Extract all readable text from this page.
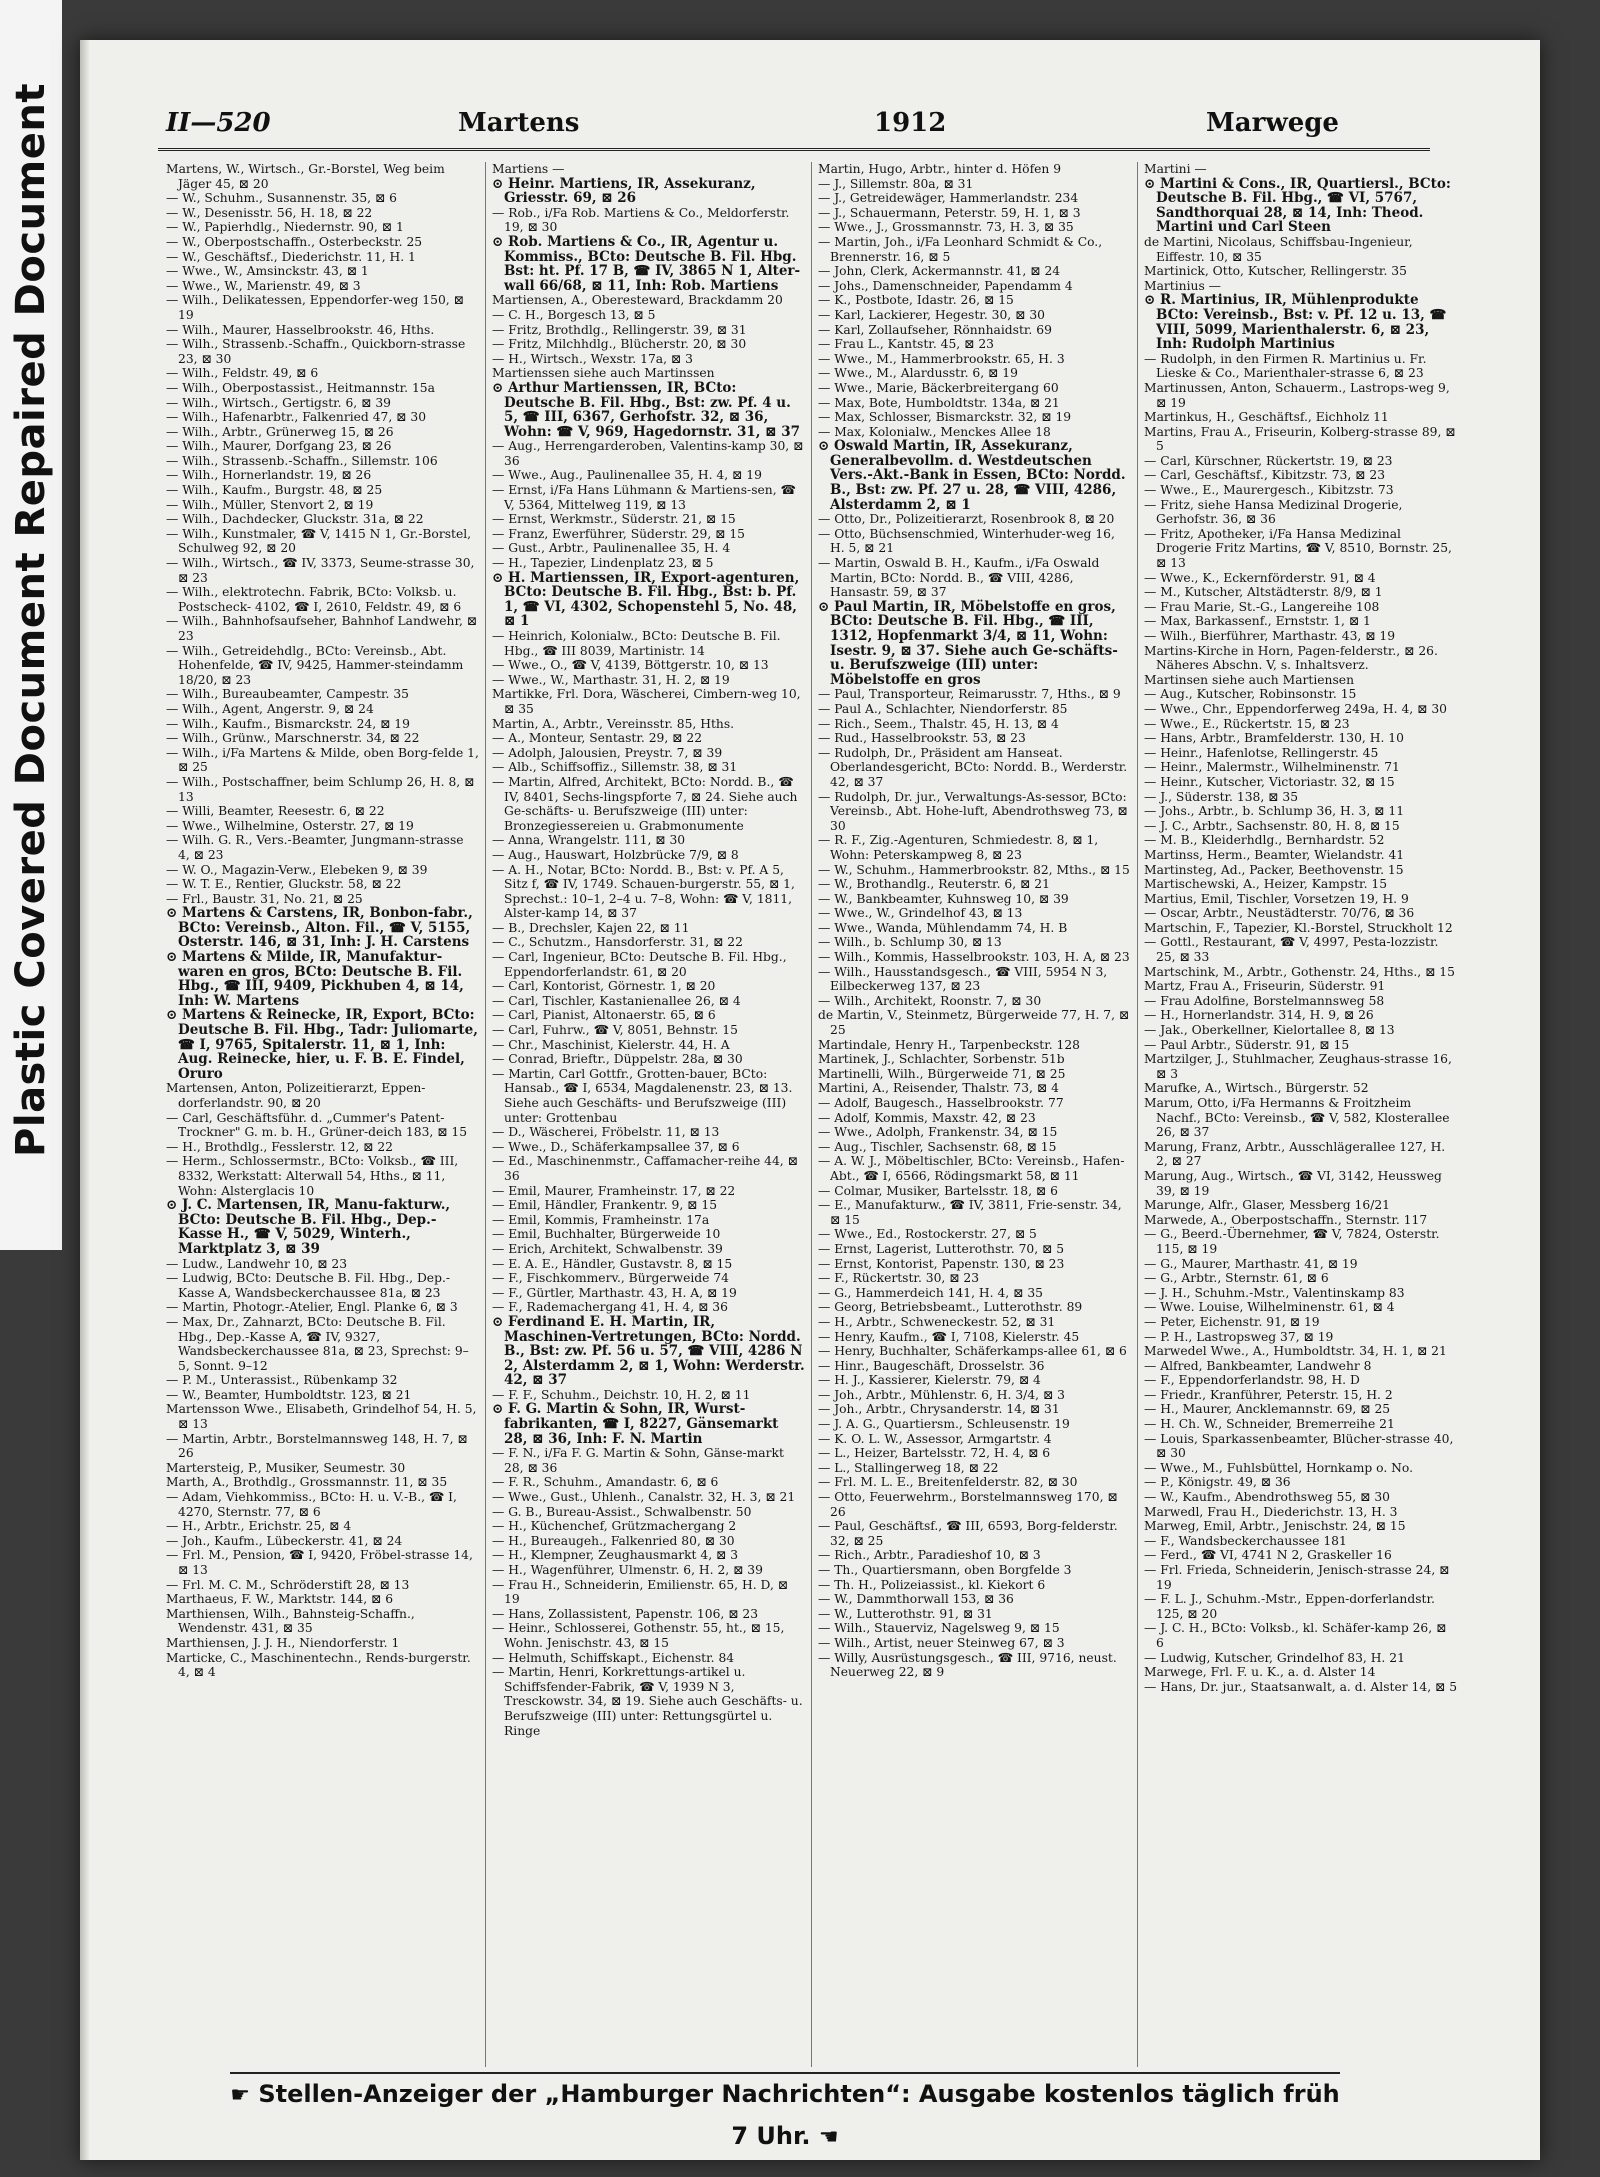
Plastic Covered Document Repaired Document	II—520	Martens	1912	Marwege

Martens, W., Wirtsch., Gr.-Borstel, Weg beim Jäger 45, ⊠ 20

— W., Schuhm., Susannenstr. 35, ⊠ 6

— W., Desenisstr. 56, H. 18, ⊠ 22

— W., Papierhdlg., Niedernstr. 90, ⊠ 1

— W., Oberpostschaffn., Osterbeckstr. 25

— W., Geschäftsf., Diederichstr. 11, H. 1

— Wwe., W., Amsinckstr. 43, ⊠ 1

— Wwe., W., Marienstr. 49, ⊠ 3

— Wilh., Delikatessen, Eppendorfer-weg 150, ⊠ 19

— Wilh., Maurer, Hasselbrookstr. 46, Hths.

— Wilh., Strassenb.-Schaffn., Quickborn-strasse 23, ⊠ 30

— Wilh., Feldstr. 49, ⊠ 6

— Wilh., Oberpostassist., Heitmannstr. 15a

— Wilh., Wirtsch., Gertigstr. 6, ⊠ 39

— Wilh., Hafenarbtr., Falkenried 47, ⊠ 30

— Wilh., Arbtr., Grünerweg 15, ⊠ 26

— Wilh., Maurer, Dorfgang 23, ⊠ 26

— Wilh., Strassenb.-Schaffn., Sillemstr. 106

— Wilh., Hornerlandstr. 19, ⊠ 26

— Wilh., Kaufm., Burgstr. 48, ⊠ 25

— Wilh., Müller, Stenvort 2, ⊠ 19

— Wilh., Dachdecker, Gluckstr. 31a, ⊠ 22

— Wilh., Kunstmaler, ☎ V, 1415 N 1, Gr.-Borstel, Schulweg 92, ⊠ 20

— Wilh., Wirtsch., ☎ IV, 3373, Seume-strasse 30, ⊠ 23

— Wilh., elektrotechn. Fabrik, BCto: Volksb. u. Postscheck- 4102, ☎ I, 2610, Feldstr. 49, ⊠ 6

— Wilh., Bahnhofsaufseher, Bahnhof Landwehr, ⊠ 23

— Wilh., Getreidehdlg., BCto: Vereinsb., Abt. Hohenfelde, ☎ IV, 9425, Hammer-steindamm 18/20, ⊠ 23

— Wilh., Bureaubeamter, Campestr. 35

— Wilh., Agent, Angerstr. 9, ⊠ 24

— Wilh., Kaufm., Bismarckstr. 24, ⊠ 19

— Wilh., Grünw., Marschnerstr. 34, ⊠ 22

— Wilh., i/Fa Martens & Milde, oben Borg-felde 1, ⊠ 25

— Wilh., Postschaffner, beim Schlump 26, H. 8, ⊠ 13

— Willi, Beamter, Reesestr. 6, ⊠ 22

— Wwe., Wilhelmine, Osterstr. 27, ⊠ 19

— Wilh. G. R., Vers.-Beamter, Jungmann-strasse 4, ⊠ 23

— W. O., Magazin-Verw., Elebeken 9, ⊠ 39

— W. T. E., Rentier, Gluckstr. 58, ⊠ 22

— Frl., Baustr. 31, No. 21, ⊠ 25

⊙ Martens & Carstens, IR, Bonbon-fabr., BCto: Vereinsb., Alton. Fil., ☎ V, 5155, Osterstr. 146, ⊠ 31, Inh: J. H. Carstens

⊙ Martens & Milde, IR, Manufaktur-waren en gros, BCto: Deutsche B. Fil. Hbg., ☎ III, 9409, Pickhuben 4, ⊠ 14, Inh: W. Martens

⊙ Martens & Reinecke, IR, Export, BCto: Deutsche B. Fil. Hbg., Tadr: Juliomarte, ☎ I, 9765, Spitalerstr. 11, ⊠ 1, Inh: Aug. Reinecke, hier, u. F. B. E. Findel, Oruro

Martensen, Anton, Polizeitierarzt, Eppen-dorferlandstr. 90, ⊠ 20

— Carl, Geschäftsführ. d. „Cummer's Patent-Trockner" G. m. b. H., Grüner-deich 183, ⊠ 15

— H., Brothdlg., Fesslerstr. 12, ⊠ 22

— Herm., Schlossermstr., BCto: Volksb., ☎ III, 8332, Werkstatt: Alterwall 54, Hths., ⊠ 11, Wohn: Alsterglacis 10

⊙ J. C. Martensen, IR, Manu-fakturw., BCto: Deutsche B. Fil. Hbg., Dep.-Kasse H., ☎ V, 5029, Winterh., Marktplatz 3, ⊠ 39

— Ludw., Landwehr 10, ⊠ 23

— Ludwig, BCto: Deutsche B. Fil. Hbg., Dep.-Kasse A, Wandsbeckerchaussee 81a, ⊠ 23

— Martin, Photogr.-Atelier, Engl. Planke 6, ⊠ 3

— Max, Dr., Zahnarzt, BCto: Deutsche B. Fil. Hbg., Dep.-Kasse A, ☎ IV, 9327, Wandsbeckerchaussee 81a, ⊠ 23, Sprechst: 9–5, Sonnt. 9–12

— P. M., Unterassist., Rübenkamp 32

— W., Beamter, Humboldtstr. 123, ⊠ 21

Martensson Wwe., Elisabeth, Grindelhof 54, H. 5, ⊠ 13

— Martin, Arbtr., Borstelmannsweg 148, H. 7, ⊠ 26

Martersteig, P., Musiker, Seumestr. 30

Marth, A., Brothdlg., Grossmannstr. 11, ⊠ 35

— Adam, Viehkommiss., BCto: H. u. V.-B., ☎ I, 4270, Sternstr. 77, ⊠ 6

— H., Arbtr., Erichstr. 25, ⊠ 4

— Joh., Kaufm., Lübeckerstr. 41, ⊠ 24

— Frl. M., Pension, ☎ I, 9420, Fröbel-strasse 14, ⊠ 13

— Frl. M. C. M., Schröderstift 28, ⊠ 13

Marthaeus, F. W., Marktstr. 144, ⊠ 6

Marthiensen, Wilh., Bahnsteig-Schaffn., Wendenstr. 431, ⊠ 35

Marthiensen, J. J. H., Niendorferstr. 1

Marticke, C., Maschinentechn., Rends-burgerstr. 4, ⊠ 4

Martiens —

⊙ Heinr. Martiens, IR, Assekuranz, Griesstr. 69, ⊠ 26

— Rob., i/Fa Rob. Martiens & Co., Meldorferstr. 19, ⊠ 30

⊙ Rob. Martiens & Co., IR, Agentur u. Kommiss., BCto: Deutsche B. Fil. Hbg. Bst: ht. Pf. 17 B, ☎ IV, 3865 N 1, Alter-wall 66/68, ⊠ 11, Inh: Rob. Martiens

Martiensen, A., Oberesteward, Brackdamm 20

— C. H., Borgesch 13, ⊠ 5

— Fritz, Brothdlg., Rellingerstr. 39, ⊠ 31

— Fritz, Milchhdlg., Blücherstr. 20, ⊠ 30

— H., Wirtsch., Wexstr. 17a, ⊠ 3

Martienssen siehe auch Martinssen

⊙ Arthur Martienssen, IR, BCto: Deutsche B. Fil. Hbg., Bst: zw. Pf. 4 u. 5, ☎ III, 6367, Gerhofstr. 32, ⊠ 36, Wohn: ☎ V, 969, Hagedornstr. 31, ⊠ 37

— Aug., Herrengarderoben, Valentins-kamp 30, ⊠ 36

— Wwe., Aug., Paulinenallee 35, H. 4, ⊠ 19

— Ernst, i/Fa Hans Lühmann & Martiens-sen, ☎ V, 5364, Mittelweg 119, ⊠ 13

— Ernst, Werkmstr., Süderstr. 21, ⊠ 15

— Franz, Ewerführer, Süderstr. 29, ⊠ 15

— Gust., Arbtr., Paulinenallee 35, H. 4

— H., Tapezier, Lindenplatz 23, ⊠ 5

⊙ H. Martienssen, IR, Export-agenturen, BCto: Deutsche B. Fil. Hbg., Bst: b. Pf. 1, ☎ VI, 4302, Schopenstehl 5, No. 48, ⊠ 1

— Heinrich, Kolonialw., BCto: Deutsche B. Fil. Hbg., ☎ III 8039, Martinistr. 14

— Wwe., O., ☎ V, 4139, Böttgerstr. 10, ⊠ 13

— Wwe., W., Marthastr. 31, H. 2, ⊠ 19

Martikke, Frl. Dora, Wäscherei, Cimbern-weg 10, ⊠ 35

Martin, A., Arbtr., Vereinsstr. 85, Hths.

— A., Monteur, Sentastr. 29, ⊠ 22

— Adolph, Jalousien, Preystr. 7, ⊠ 39

— Alb., Schiffsoffiz., Sillemstr. 38, ⊠ 31

— Martin, Alfred, Architekt, BCto: Nordd. B., ☎ IV, 8401, Sechs-lingspforte 7, ⊠ 24. Siehe auch Ge-schäfts- u. Berufszweige (III) unter: Bronzegiessereien u. Grabmonumente

— Anna, Wrangelstr. 111, ⊠ 30

— Aug., Hauswart, Holzbrücke 7/9, ⊠ 8

— A. H., Notar, BCto: Nordd. B., Bst: v. Pf. A 5, Sitz f, ☎ IV, 1749. Schauen-burgerstr. 55, ⊠ 1, Sprechst.: 10–1, 2–4 u. 7–8, Wohn: ☎ V, 1811, Alster-kamp 14, ⊠ 37

— B., Drechsler, Kajen 22, ⊠ 11

— C., Schutzm., Hansdorferstr. 31, ⊠ 22

— Carl, Ingenieur, BCto: Deutsche B. Fil. Hbg., Eppendorferlandstr. 61, ⊠ 20

— Carl, Kontorist, Görnestr. 1, ⊠ 20

— Carl, Tischler, Kastanienallee 26, ⊠ 4

— Carl, Pianist, Altonaerstr. 65, ⊠ 6

— Carl, Fuhrw., ☎ V, 8051, Behnstr. 15

— Chr., Maschinist, Kielerstr. 44, H. A

— Conrad, Brieftr., Düppelstr. 28a, ⊠ 30

— Martin, Carl Gottfr., Grotten-bauer, BCto: Hansab., ☎ I, 6534, Magdalenenstr. 23, ⊠ 13. Siehe auch Geschäfts- und Berufszweige (III) unter: Grottenbau

— D., Wäscherei, Fröbelstr. 11, ⊠ 13

— Wwe., D., Schäferkampsallee 37, ⊠ 6

— Ed., Maschinenmstr., Caffamacher-reihe 44, ⊠ 36

— Emil, Maurer, Framheinstr. 17, ⊠ 22

— Emil, Händler, Frankentr. 9, ⊠ 15

— Emil, Kommis, Framheinstr. 17a

— Emil, Buchhalter, Bürgerweide 10

— Erich, Architekt, Schwalbenstr. 39

— E. A. E., Händler, Gustavstr. 8, ⊠ 15

— F., Fischkommerv., Bürgerweide 74

— F., Gürtler, Marthastr. 43, H. A, ⊠ 19

— F., Rademachergang 41, H. 4, ⊠ 36

⊙ Ferdinand E. H. Martin, IR, Maschinen-Vertretungen, BCto: Nordd. B., Bst: zw. Pf. 56 u. 57, ☎ VIII, 4286 N 2, Alsterdamm 2, ⊠ 1, Wohn: Werderstr. 42, ⊠ 37

— F. F., Schuhm., Deichstr. 10, H. 2, ⊠ 11

⊙ F. G. Martin & Sohn, IR, Wurst-fabrikanten, ☎ I, 8227, Gänsemarkt 28, ⊠ 36, Inh: F. N. Martin

— F. N., i/Fa F. G. Martin & Sohn, Gänse-markt 28, ⊠ 36

— F. R., Schuhm., Amandastr. 6, ⊠ 6

— Wwe., Gust., Uhlenh., Canalstr. 32, H. 3, ⊠ 21

— G. B., Bureau-Assist., Schwalbenstr. 50

— H., Küchenchef, Grützmachergang 2

— H., Bureaugeh., Falkenried 80, ⊠ 30

— H., Klempner, Zeughausmarkt 4, ⊠ 3

— H., Wagenführer, Ulmenstr. 6, H. 2, ⊠ 39

— Frau H., Schneiderin, Emilienstr. 65, H. D, ⊠ 19

— Hans, Zollassistent, Papenstr. 106, ⊠ 23

— Heinr., Schlosserei, Gothenstr. 55, ht., ⊠ 15, Wohn. Jenischstr. 43, ⊠ 15

— Helmuth, Schiffskapt., Eichenstr. 84

— Martin, Henri, Korkrettungs-artikel u. Schiffsfender-Fabrik, ☎ V, 1939 N 3, Tresckowstr. 34, ⊠ 19. Siehe auch Geschäfts- u. Berufszweige (III) unter: Rettungsgürtel u. Ringe

Martin, Hugo, Arbtr., hinter d. Höfen 9

— J., Sillemstr. 80a, ⊠ 31

— J., Getreidewäger, Hammerlandstr. 234

— J., Schauermann, Peterstr. 59, H. 1, ⊠ 3

— Wwe., J., Grossmannstr. 73, H. 3, ⊠ 35

— Martin, Joh., i/Fa Leonhard Schmidt & Co., Brennerstr. 16, ⊠ 5

— John, Clerk, Ackermannstr. 41, ⊠ 24

— Johs., Damenschneider, Papendamm 4

— K., Postbote, Idastr. 26, ⊠ 15

— Karl, Lackierer, Hegestr. 30, ⊠ 30

— Karl, Zollaufseher, Rönnhaidstr. 69

— Frau L., Kantstr. 45, ⊠ 23

— Wwe., M., Hammerbrookstr. 65, H. 3

— Wwe., M., Alardusstr. 6, ⊠ 19

— Wwe., Marie, Bäckerbreitergang 60

— Max, Bote, Humboldtstr. 134a, ⊠ 21

— Max, Schlosser, Bismarckstr. 32, ⊠ 19

— Max, Kolonialw., Menckes Allee 18

⊙ Oswald Martin, IR, Assekuranz, Generalbevollm. d. Westdeutschen Vers.-Akt.-Bank in Essen, BCto: Nordd. B., Bst: zw. Pf. 27 u. 28, ☎ VIII, 4286, Alsterdamm 2, ⊠ 1

— Otto, Dr., Polizeitierarzt, Rosenbrook 8, ⊠ 20

— Otto, Büchsenschmied, Winterhuder-weg 16, H. 5, ⊠ 21

— Martin, Oswald B. H., Kaufm., i/Fa Oswald Martin, BCto: Nordd. B., ☎ VIII, 4286, Hansastr. 59, ⊠ 37

⊙ Paul Martin, IR, Möbelstoffe en gros, BCto: Deutsche B. Fil. Hbg., ☎ III, 1312, Hopfenmarkt 3/4, ⊠ 11, Wohn: Isestr. 9, ⊠ 37. Siehe auch Ge-schäfts- u. Berufszweige (III) unter: Möbelstoffe en gros

— Paul, Transporteur, Reimarusstr. 7, Hths., ⊠ 9

— Paul A., Schlachter, Niendorferstr. 85

— Rich., Seem., Thalstr. 45, H. 13, ⊠ 4

— Rud., Hasselbrookstr. 53, ⊠ 23

— Rudolph, Dr., Präsident am Hanseat. Oberlandesgericht, BCto: Nordd. B., Werderstr. 42, ⊠ 37

— Rudolph, Dr. jur., Verwaltungs-As-sessor, BCto: Vereinsb., Abt. Hohe-luft, Abendrothsweg 73, ⊠ 30

— R. F., Zig.-Agenturen, Schmiedestr. 8, ⊠ 1, Wohn: Peterskampweg 8, ⊠ 23

— W., Schuhm., Hammerbrookstr. 82, Mths., ⊠ 15

— W., Brothandlg., Reuterstr. 6, ⊠ 21

— W., Bankbeamter, Kuhnsweg 10, ⊠ 39

— Wwe., W., Grindelhof 43, ⊠ 13

— Wwe., Wanda, Mühlendamm 74, H. B

— Wilh., b. Schlump 30, ⊠ 13

— Wilh., Kommis, Hasselbrookstr. 103, H. A, ⊠ 23

— Wilh., Hausstandsgesch., ☎ VIII, 5954 N 3, Eilbeckerweg 137, ⊠ 23

— Wilh., Architekt, Roonstr. 7, ⊠ 30

de Martin, V., Steinmetz, Bürgerweide 77, H. 7, ⊠ 25

Martindale, Henry H., Tarpenbeckstr. 128

Martinek, J., Schlachter, Sorbenstr. 51b

Martinelli, Wilh., Bürgerweide 71, ⊠ 25

Martini, A., Reisender, Thalstr. 73, ⊠ 4

— Adolf, Baugesch., Hasselbrookstr. 77

— Adolf, Kommis, Maxstr. 42, ⊠ 23

— Wwe., Adolph, Frankenstr. 34, ⊠ 15

— Aug., Tischler, Sachsenstr. 68, ⊠ 15

— A. W. J., Möbeltischler, BCto: Vereinsb., Hafen-Abt., ☎ I, 6566, Rödingsmarkt 58, ⊠ 11

— Colmar, Musiker, Bartelsstr. 18, ⊠ 6

— E., Manufakturw., ☎ IV, 3811, Frie-senstr. 34, ⊠ 15

— Wwe., Ed., Rostockerstr. 27, ⊠ 5

— Ernst, Lagerist, Lutterothstr. 70, ⊠ 5

— Ernst, Kontorist, Papenstr. 130, ⊠ 23

— F., Rückertstr. 30, ⊠ 23

— G., Hammerdeich 141, H. 4, ⊠ 35

— Georg, Betriebsbeamt., Lutterothstr. 89

— H., Arbtr., Schweneckestr. 52, ⊠ 31

— Henry, Kaufm., ☎ I, 7108, Kielerstr. 45

— Henry, Buchhalter, Schäferkamps-allee 61, ⊠ 6

— Hinr., Baugeschäft, Drosselstr. 36

— H. J., Kassierer, Kielerstr. 79, ⊠ 4

— Joh., Arbtr., Mühlenstr. 6, H. 3/4, ⊠ 3

— Joh., Arbtr., Chrysanderstr. 14, ⊠ 31

— J. A. G., Quartiersm., Schleusenstr. 19

— K. O. L. W., Assessor, Armgartstr. 4

— L., Heizer, Bartelsstr. 72, H. 4, ⊠ 6

— L., Stallingerweg 18, ⊠ 22

— Frl. M. L. E., Breitenfelderstr. 82, ⊠ 30

— Otto, Feuerwehrm., Borstelmannsweg 170, ⊠ 26

— Paul, Geschäftsf., ☎ III, 6593, Borg-felderstr. 32, ⊠ 25

— Rich., Arbtr., Paradieshof 10, ⊠ 3

— Th., Quartiersmann, oben Borgfelde 3

— Th. H., Polizeiassist., kl. Kiekort 6

— W., Dammthorwall 153, ⊠ 36

— W., Lutterothstr. 91, ⊠ 31

— Wilh., Stauerviz, Nagelsweg 9, ⊠ 15

— Wilh., Artist, neuer Steinweg 67, ⊠ 3

— Willy, Ausrüstungsgesch., ☎ III, 9716, neust. Neuerweg 22, ⊠ 9

Martini —

⊙ Martini & Cons., IR, Quartiersl., BCto: Deutsche B. Fil. Hbg., ☎ VI, 5767, Sandthorquai 28, ⊠ 14, Inh: Theod. Martini und Carl Steen

de Martini, Nicolaus, Schiffsbau-Ingenieur, Eiffestr. 10, ⊠ 35

Martinick, Otto, Kutscher, Rellingerstr. 35

Martinius —

⊙ R. Martinius, IR, Mühlenprodukte BCto: Vereinsb., Bst: v. Pf. 12 u. 13, ☎ VIII, 5099, Marienthalerstr. 6, ⊠ 23, Inh: Rudolph Martinius

— Rudolph, in den Firmen R. Martinius u. Fr. Lieske & Co., Marienthaler-strasse 6, ⊠ 23

Martinussen, Anton, Schauerm., Lastrops-weg 9, ⊠ 19

Martinkus, H., Geschäftsf., Eichholz 11

Martins, Frau A., Friseurin, Kolberg-strasse 89, ⊠ 5

— Carl, Kürschner, Rückertstr. 19, ⊠ 23

— Carl, Geschäftsf., Kibitzstr. 73, ⊠ 23

— Wwe., E., Maurergesch., Kibitzstr. 73

— Fritz, siehe Hansa Medizinal Drogerie, Gerhofstr. 36, ⊠ 36

— Fritz, Apotheker, i/Fa Hansa Medizinal Drogerie Fritz Martins, ☎ V, 8510, Bornstr. 25, ⊠ 13

— Wwe., K., Eckernförderstr. 91, ⊠ 4

— M., Kutscher, Altstädterstr. 8/9, ⊠ 1

— Frau Marie, St.-G., Langereihe 108

— Max, Barkassenf., Ernststr. 1, ⊠ 1

— Wilh., Bierführer, Marthastr. 43, ⊠ 19

Martins-Kirche in Horn, Pagen-felderstr., ⊠ 26. Näheres Abschn. V, s. Inhaltsverz.

Martinsen siehe auch Martiensen

— Aug., Kutscher, Robinsonstr. 15

— Wwe., Chr., Eppendorferweg 249a, H. 4, ⊠ 30

— Wwe., E., Rückertstr. 15, ⊠ 23

— Hans, Arbtr., Bramfelderstr. 130, H. 10

— Heinr., Hafenlotse, Rellingerstr. 45

— Heinr., Malermstr., Wilhelminenstr. 71

— Heinr., Kutscher, Victoriastr. 32, ⊠ 15

— J., Süderstr. 138, ⊠ 35

— Johs., Arbtr., b. Schlump 36, H. 3, ⊠ 11

— J. C., Arbtr., Sachsenstr. 80, H. 8, ⊠ 15

— M. B., Kleiderhdlg., Bernhardstr. 52

Martinss, Herm., Beamter, Wielandstr. 41

Martinsteg, Ad., Packer, Beethovenstr. 15

Martischewski, A., Heizer, Kampstr. 15

Martius, Emil, Tischler, Vorsetzen 19, H. 9

— Oscar, Arbtr., Neustädterstr. 70/76, ⊠ 36

Martschin, F., Tapezier, Kl.-Borstel, Struckholt 12

— Gottl., Restaurant, ☎ V, 4997, Pesta-lozzistr. 25, ⊠ 33

Martschink, M., Arbtr., Gothenstr. 24, Hths., ⊠ 15

Martz, Frau A., Friseurin, Süderstr. 91

— Frau Adolfine, Borstelmannsweg 58

— H., Hornerlandstr. 314, H. 9, ⊠ 26

— Jak., Oberkellner, Kielortallee 8, ⊠ 13

— Paul Arbtr., Süderstr. 91, ⊠ 15

Martzilger, J., Stuhlmacher, Zeughaus-strasse 16, ⊠ 3

Marufke, A., Wirtsch., Bürgerstr. 52

Marum, Otto, i/Fa Hermanns & Froitzheim Nachf., BCto: Vereinsb., ☎ V, 582, Klosterallee 26, ⊠ 37

Marung, Franz, Arbtr., Ausschlägerallee 127, H. 2, ⊠ 27

Marung, Aug., Wirtsch., ☎ VI, 3142, Heussweg 39, ⊠ 19

Marunge, Alfr., Glaser, Messberg 16/21

Marwede, A., Oberpostschaffn., Sternstr. 117

— G., Beerd.-Übernehmer, ☎ V, 7824, Osterstr. 115, ⊠ 19

— G., Maurer, Marthastr. 41, ⊠ 19

— G., Arbtr., Sternstr. 61, ⊠ 6

— J. H., Schuhm.-Mstr., Valentinskamp 83

— Wwe. Louise, Wilhelminenstr. 61, ⊠ 4

— Peter, Eichenstr. 91, ⊠ 19

— P. H., Lastropsweg 37, ⊠ 19

Marwedel Wwe., A., Humboldtstr. 34, H. 1, ⊠ 21

— Alfred, Bankbeamter, Landwehr 8

— F., Eppendorferlandstr. 98, H. D

— Friedr., Kranführer, Peterstr. 15, H. 2

— H., Maurer, Ancklemannstr. 69, ⊠ 25

— H. Ch. W., Schneider, Bremerreihe 21

— Louis, Sparkassenbeamter, Blücher-strasse 40, ⊠ 30

— Wwe., M., Fuhlsbüttel, Hornkamp o. No.

— P., Königstr. 49, ⊠ 36

— W., Kaufm., Abendrothsweg 55, ⊠ 30

Marwedl, Frau H., Diederichstr. 13, H. 3

Marweg, Emil, Arbtr., Jenischstr. 24, ⊠ 15

— F., Wandsbeckerchaussee 181

— Ferd., ☎ VI, 4741 N 2, Graskeller 16

— Frl. Frieda, Schneiderin, Jenisch-strasse 24, ⊠ 19

— F. L. J., Schuhm.-Mstr., Eppen-dorferlandstr. 125, ⊠ 20

— J. C. H., BCto: Volksb., kl. Schäfer-kamp 26, ⊠ 6

— Ludwig, Kutscher, Grindelhof 83, H. 21

Marwege, Frl. F. u. K., a. d. Alster 14

— Hans, Dr. jur., Staatsanwalt, a. d. Alster 14, ⊠ 5

☛ Stellen-Anzeiger der „Hamburger Nachrichten“: Ausgabe kostenlos täglich früh 7 Uhr. ☚
